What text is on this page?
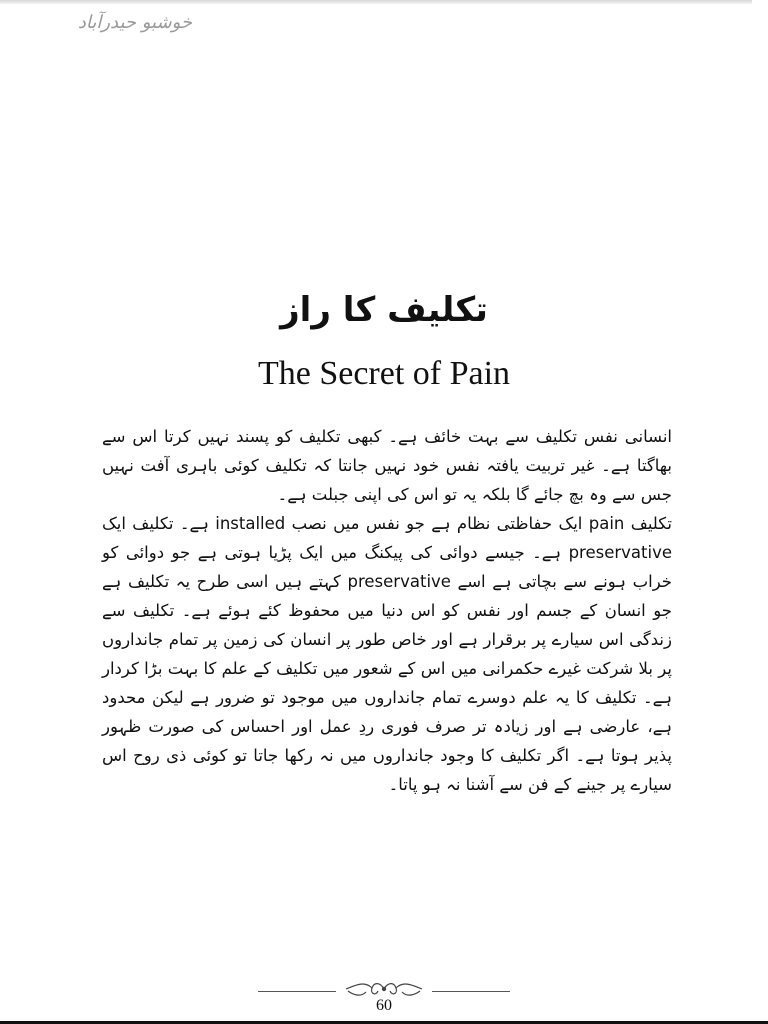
خوشبو حیدرآباد
تکلیف کا راز
The Secret of Pain

انسانی نفس تکلیف سے بہت خائف ہے۔ کبھی تکلیف کو پسند نہیں کرتا اس سے بھاگتا ہے۔ غیر تربیت یافتہ نفس خود نہیں جانتا کہ تکلیف کوئی باہری آفت نہیں جس سے وہ بچ جائے گا بلکہ یہ تو اس کی اپنی جبلت ہے۔

تکلیف pain ایک حفاظتی نظام ہے جو نفس میں نصب installed ہے۔ تکلیف ایک preservative ہے۔ جیسے دوائی کی پیکنگ میں ایک پڑیا ہوتی ہے جو دوائی کو خراب ہونے سے بچاتی ہے اسے preservative کہتے ہیں اسی طرح یہ تکلیف ہے جو انسان کے جسم اور نفس کو اس دنیا میں محفوظ کئے ہوئے ہے۔ تکلیف سے زندگی اس سیارے پر برقرار ہے اور خاص طور پر انسان کی زمین پر تمام جانداروں پر بلا شرکت غیرے حکمرانی میں اس کے شعور میں تکلیف کے علم کا بہت بڑا کردار ہے۔ تکلیف کا یہ علم دوسرے تمام جانداروں میں موجود تو ضرور ہے لیکن محدود ہے، عارضی ہے اور زیادہ تر صرف فوری ردِ عمل اور احساس کی صورت ظہور پذیر ہوتا ہے۔ اگر تکلیف کا وجود جانداروں میں نہ رکھا جاتا تو کوئی ذی روح اس سیارے پر جینے کے فن سے آشنا نہ ہو پاتا۔

60
